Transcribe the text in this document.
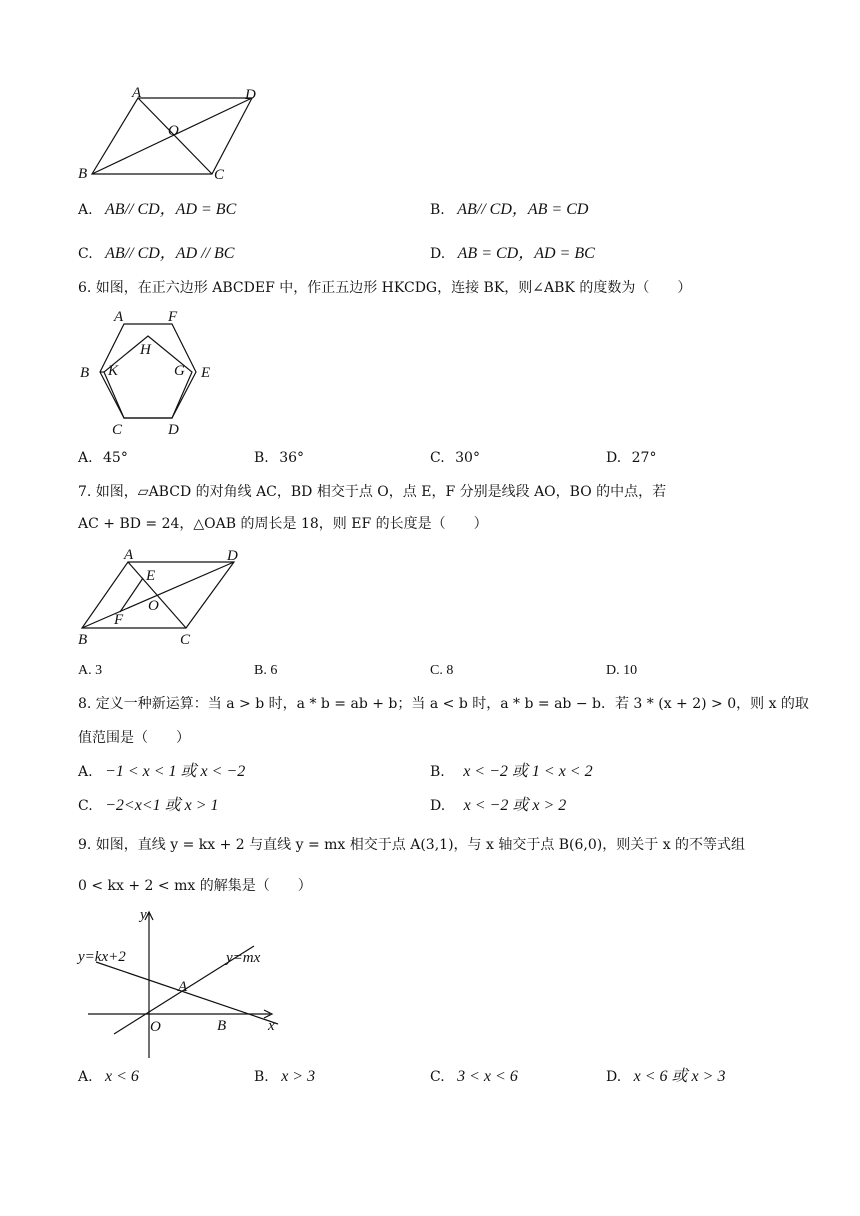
A	D
O
B	C
A. AB// CD，AD = BC	B. AB// CD，AB = CD
C. AB// CD，AD // BC	D. AB = CD，AD = BC
6. 如图，在正六边形 ABCDEF 中，作正五边形 HKCDG，连接 BK，则∠ABK 的度数为（　　）
A	F
H
B K	G E
C	D
A. 45°	B. 36°	C. 30°	D. 27°
7. 如图，▱ABCD 的对角线 AC，BD 相交于点 O，点 E，F 分别是线段 AO，BO 的中点，若
AC + BD = 24，△OAB 的周长是 18，则 EF 的长度是（　　）
A	D
E
O
F
B	C
A. 3	B. 6	C. 8	D. 10
8. 定义一种新运算：当 a > b 时，a * b = ab + b；当 a < b 时，a * b = ab − b．若 3 * (x + 2) > 0，则 x 的取
值范围是（　　）
A. −1 < x < 1 或 x < −2	B. x < −2 或 1 < x < 2
C. −2<x<1 或 x > 1	D. x < −2 或 x > 2
9. 如图，直线 y = kx + 2 与直线 y = mx 相交于点 A(3,1)，与 x 轴交于点 B(6,0)，则关于 x 的不等式组
0 < kx + 2 < mx 的解集是（　　）
y
x
y=kx+2	y=mx
A
O	B
A. x < 6	B. x > 3	C. 3 < x < 6	D. x < 6 或 x > 3
